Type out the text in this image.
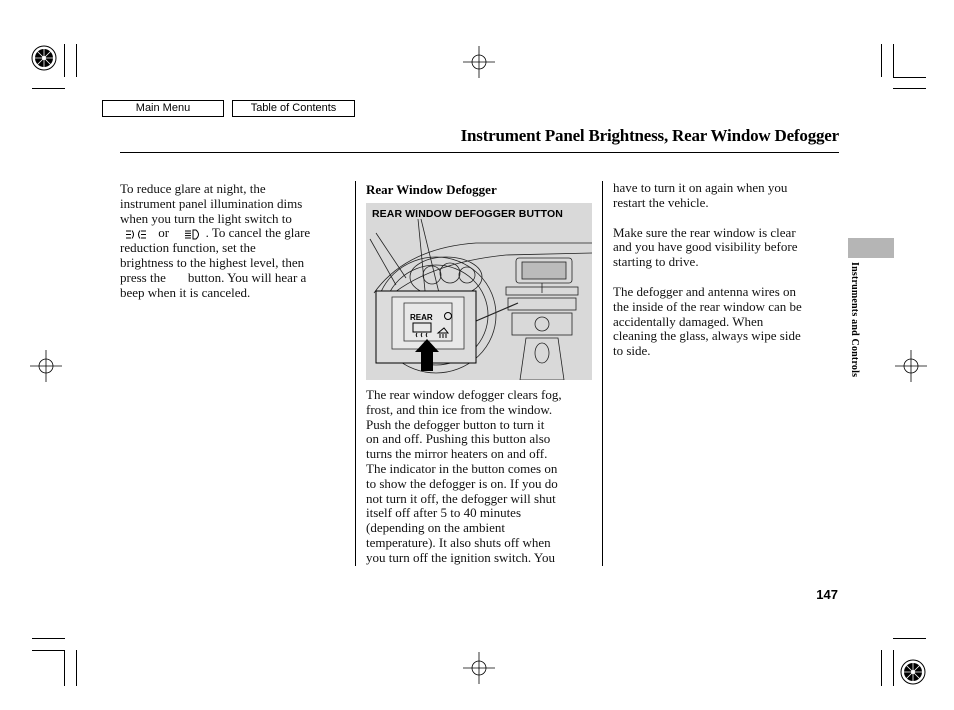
Main Menu	Table of Contents
Instrument Panel Brightness, Rear Window Defogger
To reduce glare at night, the
instrument panel illumination dims
when you turn the light switch to
or	. To cancel the glare
reduction function, set the
brightness to the highest level, then
press the button. You will hear a
beep when it is canceled.
Rear Window Defogger
REAR WINDOW DEFOGGER BUTTON
REAR
The rear window defogger clears fog,
frost, and thin ice from the window.
Push the defogger button to turn it
on and off. Pushing this button also
turns the mirror heaters on and off.
The indicator in the button comes on
to show the defogger is on. If you do
not turn it off, the defogger will shut
itself off after 5 to 40 minutes
(depending on the ambient
temperature). It also shuts off when
you turn off the ignition switch. You
have to turn it on again when you
restart the vehicle.
Make sure the rear window is clear
and you have good visibility before
starting to drive.
The defogger and antenna wires on
the inside of the rear window can be
accidentally damaged. When
cleaning the glass, always wipe side
to side.	Instruments and Controls
147
